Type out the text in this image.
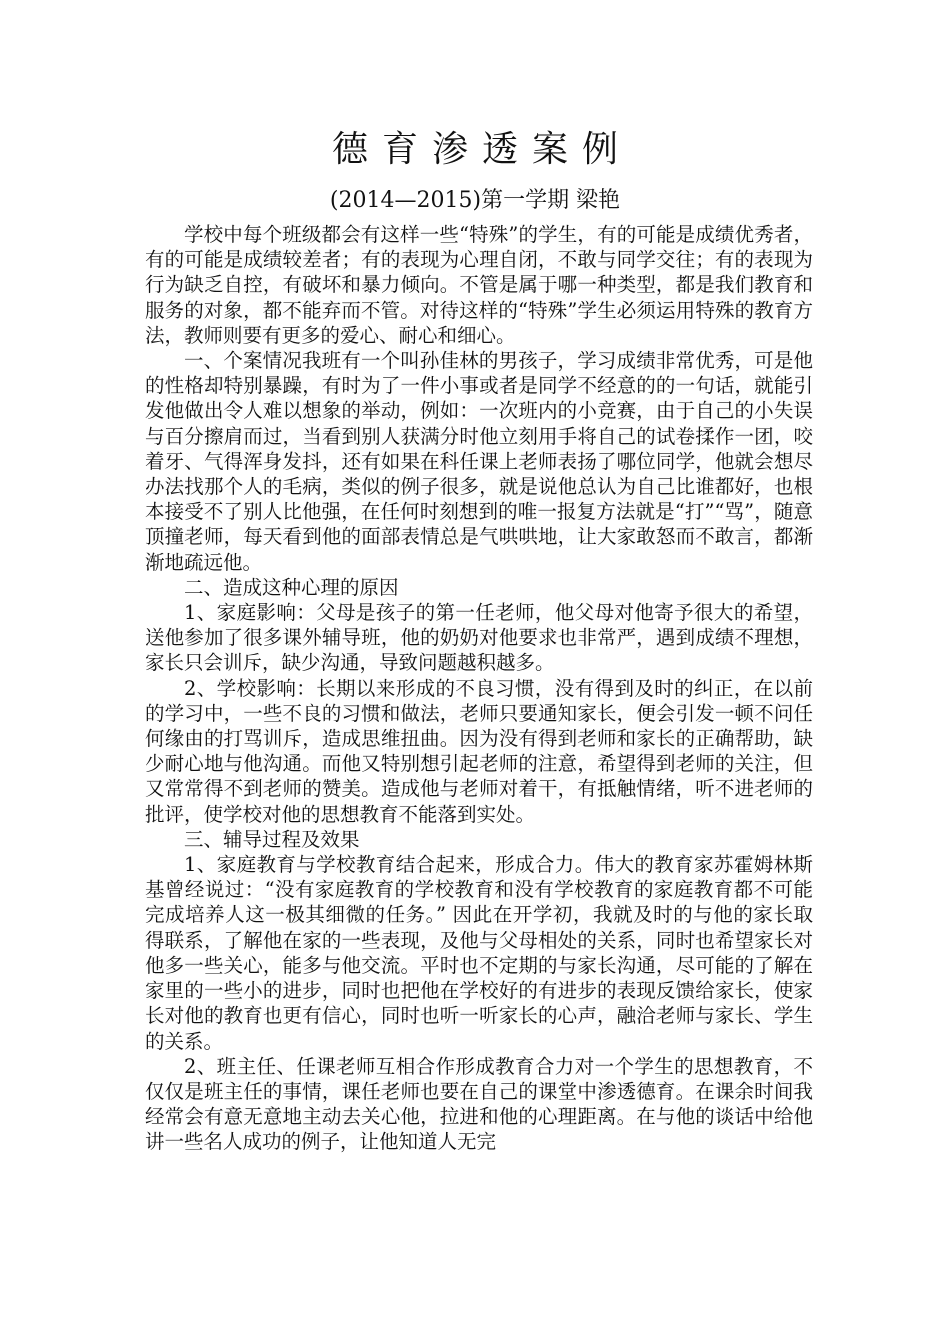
德育渗透案例
(2014—2015)第一学期 梁艳

学校中每个班级都会有这样一些“特殊”的学生，有的可能是成绩优秀者，有的可能是成绩较差者；有的表现为心理自闭，不敢与同学交往；有的表现为行为缺乏自控，有破坏和暴力倾向。不管是属于哪一种类型，都是我们教育和服务的对象，都不能弃而不管。对待这样的“特殊”学生必须运用特殊的教育方法，教师则要有更多的爱心、耐心和细心。

一、个案情况我班有一个叫孙佳林的男孩子，学习成绩非常优秀，可是他的性格却特别暴躁，有时为了一件小事或者是同学不经意的的一句话，就能引发他做出令人难以想象的举动，例如：一次班内的小竞赛，由于自己的小失误与百分擦肩而过，当看到别人获满分时他立刻用手将自己的试卷揉作一团，咬着牙、气得浑身发抖，还有如果在科任课上老师表扬了哪位同学，他就会想尽办法找那个人的毛病，类似的例子很多，就是说他总认为自己比谁都好，也根本接受不了别人比他强，在任何时刻想到的唯一报复方法就是“打”“骂”，随意顶撞老师，每天看到他的面部表情总是气哄哄地，让大家敢怒而不敢言，都渐渐地疏远他。

二、造成这种心理的原因

1、家庭影响：父母是孩子的第一任老师，他父母对他寄予很大的希望，送他参加了很多课外辅导班，他的奶奶对他要求也非常严，遇到成绩不理想，家长只会训斥，缺少沟通，导致问题越积越多。

2、学校影响：长期以来形成的不良习惯，没有得到及时的纠正，在以前的学习中，一些不良的习惯和做法，老师只要通知家长，便会引发一顿不问任何缘由的打骂训斥，造成思维扭曲。因为没有得到老师和家长的正确帮助，缺少耐心地与他沟通。而他又特别想引起老师的注意，希望得到老师的关注，但又常常得不到老师的赞美。造成他与老师对着干，有抵触情绪，听不进老师的批评，使学校对他的思想教育不能落到实处。

三、辅导过程及效果

1、家庭教育与学校教育结合起来，形成合力。伟大的教育家苏霍姆林斯基曾经说过：“没有家庭教育的学校教育和没有学校教育的家庭教育都不可能完成培养人这一极其细微的任务。” 因此在开学初，我就及时的与他的家长取得联系，了解他在家的一些表现，及他与父母相处的关系，同时也希望家长对他多一些关心，能多与他交流。平时也不定期的与家长沟通，尽可能的了解在家里的一些小的进步，同时也把他在学校好的有进步的表现反馈给家长，使家长对他的教育也更有信心，同时也听一听家长的心声，融洽老师与家长、学生的关系。

2、班主任、任课老师互相合作形成教育合力对一个学生的思想教育，不仅仅是班主任的事情，课任老师也要在自己的课堂中渗透德育。在课余时间我经常会有意无意地主动去关心他，拉进和他的心理距离。在与他的谈话中给他讲一些名人成功的例子，让他知道人无完
